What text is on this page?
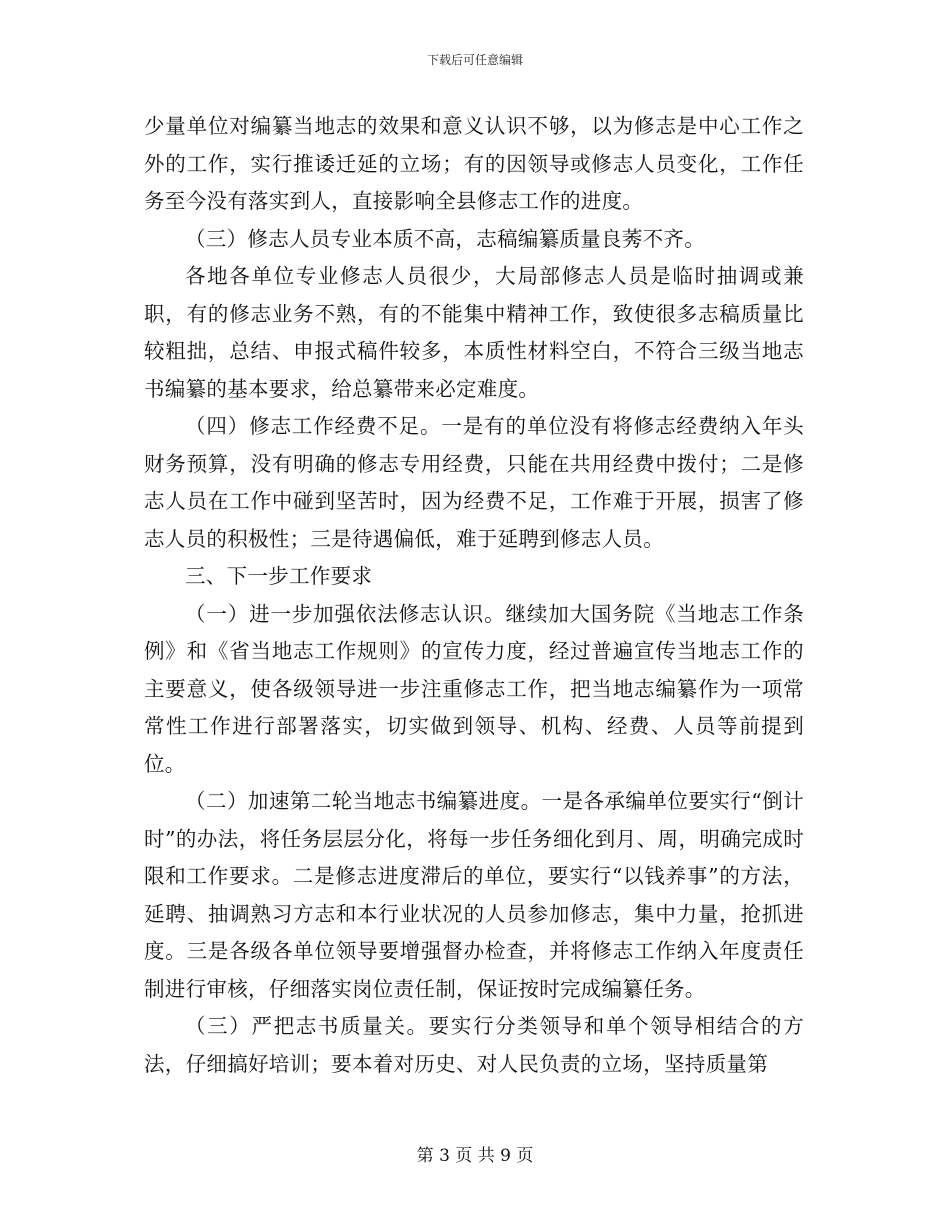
下载后可任意编辑

少量单位对编纂当地志的效果和意义认识不够，以为修志是中心工作之外的工作，实行推诿迁延的立场；有的因领导或修志人员变化，工作任务至今没有落实到人，直接影响全县修志工作的进度。

（三）修志人员专业本质不高，志稿编纂质量良莠不齐。

各地各单位专业修志人员很少，大局部修志人员是临时抽调或兼职，有的修志业务不熟，有的不能集中精神工作，致使很多志稿质量比较粗拙，总结、申报式稿件较多，本质性材料空白，不符合三级当地志书编纂的基本要求，给总纂带来必定难度。

（四）修志工作经费不足。一是有的单位没有将修志经费纳入年头财务预算，没有明确的修志专用经费，只能在共用经费中拨付；二是修志人员在工作中碰到坚苦时，因为经费不足，工作难于开展，损害了修志人员的积极性；三是待遇偏低，难于延聘到修志人员。

三、下一步工作要求

（一）进一步加强依法修志认识。继续加大国务院《当地志工作条例》和《省当地志工作规则》的宣传力度，经过普遍宣传当地志工作的主要意义，使各级领导进一步注重修志工作，把当地志编纂作为一项常常性工作进行部署落实，切实做到领导、机构、经费、人员等前提到位。

（二）加速第二轮当地志书编纂进度。一是各承编单位要实行“倒计时”的办法，将任务层层分化，将每一步任务细化到月、周，明确完成时限和工作要求。二是修志进度滞后的单位，要实行“以钱养事”的方法，延聘、抽调熟习方志和本行业状况的人员参加修志，集中力量，抢抓进度。三是各级各单位领导要增强督办检查，并将修志工作纳入年度责任制进行审核，仔细落实岗位责任制，保证按时完成编纂任务。

（三）严把志书质量关。要实行分类领导和单个领导相结合的方法，仔细搞好培训；要本着对历史、对人民负责的立场，坚持质量第

第 3 页 共 9 页
